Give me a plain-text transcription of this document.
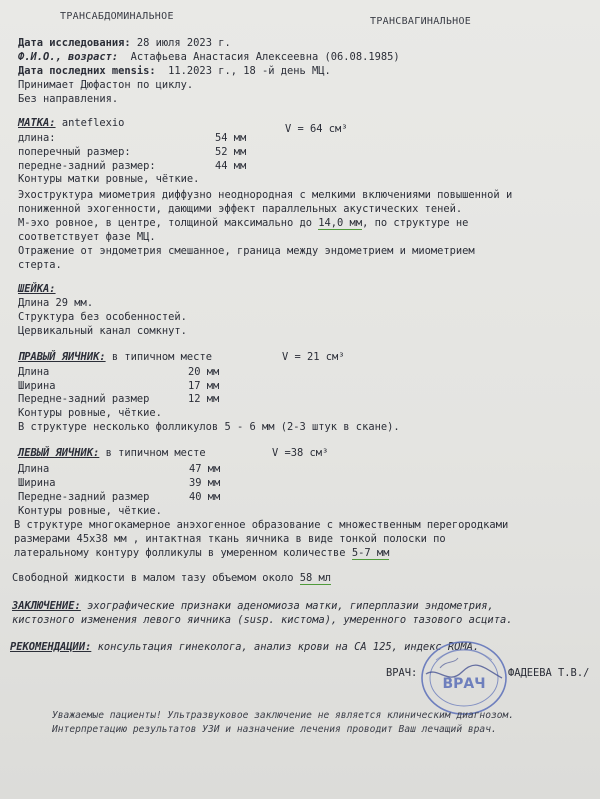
ТРАНСАБДОМИНАЛЬНОЕ	ТРАНСВАГИНАЛЬНОЕ
Дата исследования: 28 июля 2023 г.
Ф.И.О., возраст: Астафьева Анастасия Алексеевна (06.08.1985)
Дата последних mensis: 11.2023 г., 18 -й день МЦ.
Принимает Дюфастон по циклу.
Без направления.
МАТКА: anteflexio	V = 64 см³
длина:	54 мм
поперечный размер:	52 мм
передне-задний размер:	44 мм
Контуры матки ровные, чёткие.
Эхоструктура миометрия диффузно неоднородная с мелкими включениями повышенной и
пониженной эхогенности, дающими эффект параллельных акустических теней.
М-эхо ровное, в центре, толщиной максимально до 14,0 мм, по структуре не
соответствует фазе МЦ.
Отражение от эндометрия смешанное, граница между эндометрием и миометрием
стерта.
ШЕЙКА:
Длина 29 мм.
Структура без особенностей.
Цервикальный канал сомкнут.
ПРАВЫЙ ЯИЧНИК: в типичном месте	V = 21 см³
Длина	20 мм
Ширина	17 мм
Передне-задний размер	12 мм
Контуры ровные, чёткие.
В структуре несколько фолликулов 5 - 6 мм (2-3 штук в скане).
ЛЕВЫЙ ЯИЧНИК: в типичном месте	V =38 см³
Длина	47 мм
Ширина	39 мм
Передне-задний размер	40 мм
Контуры ровные, чёткие.
В структуре многокамерное анэхогенное образование с множественным перегородками
размерами 45х38 мм , интактная ткань яичника в виде тонкой полоски по
латеральному контуру фолликулы в умеренном количестве 5-7 мм
Свободной жидкости в малом тазу объемом около 58 мл
ЗАКЛЮЧЕНИЕ: эхографические признаки аденомиоза матки, гиперплазии эндометрия,
кистозного изменения левого яичника (susp. кистома), умеренного тазового асцита.
РЕКОМЕНДАЦИИ: консультация гинеколога, анализ крови на СА 125, индекс ROMA.
ВРАЧ:	ФАДЕЕВА Т.В./
ВРАЧ
Уважаемые пациенты! Ультразвуковое заключение не является клиническим диагнозом.
Интерпретацию результатов УЗИ и назначение лечения проводит Ваш лечащий врач.
